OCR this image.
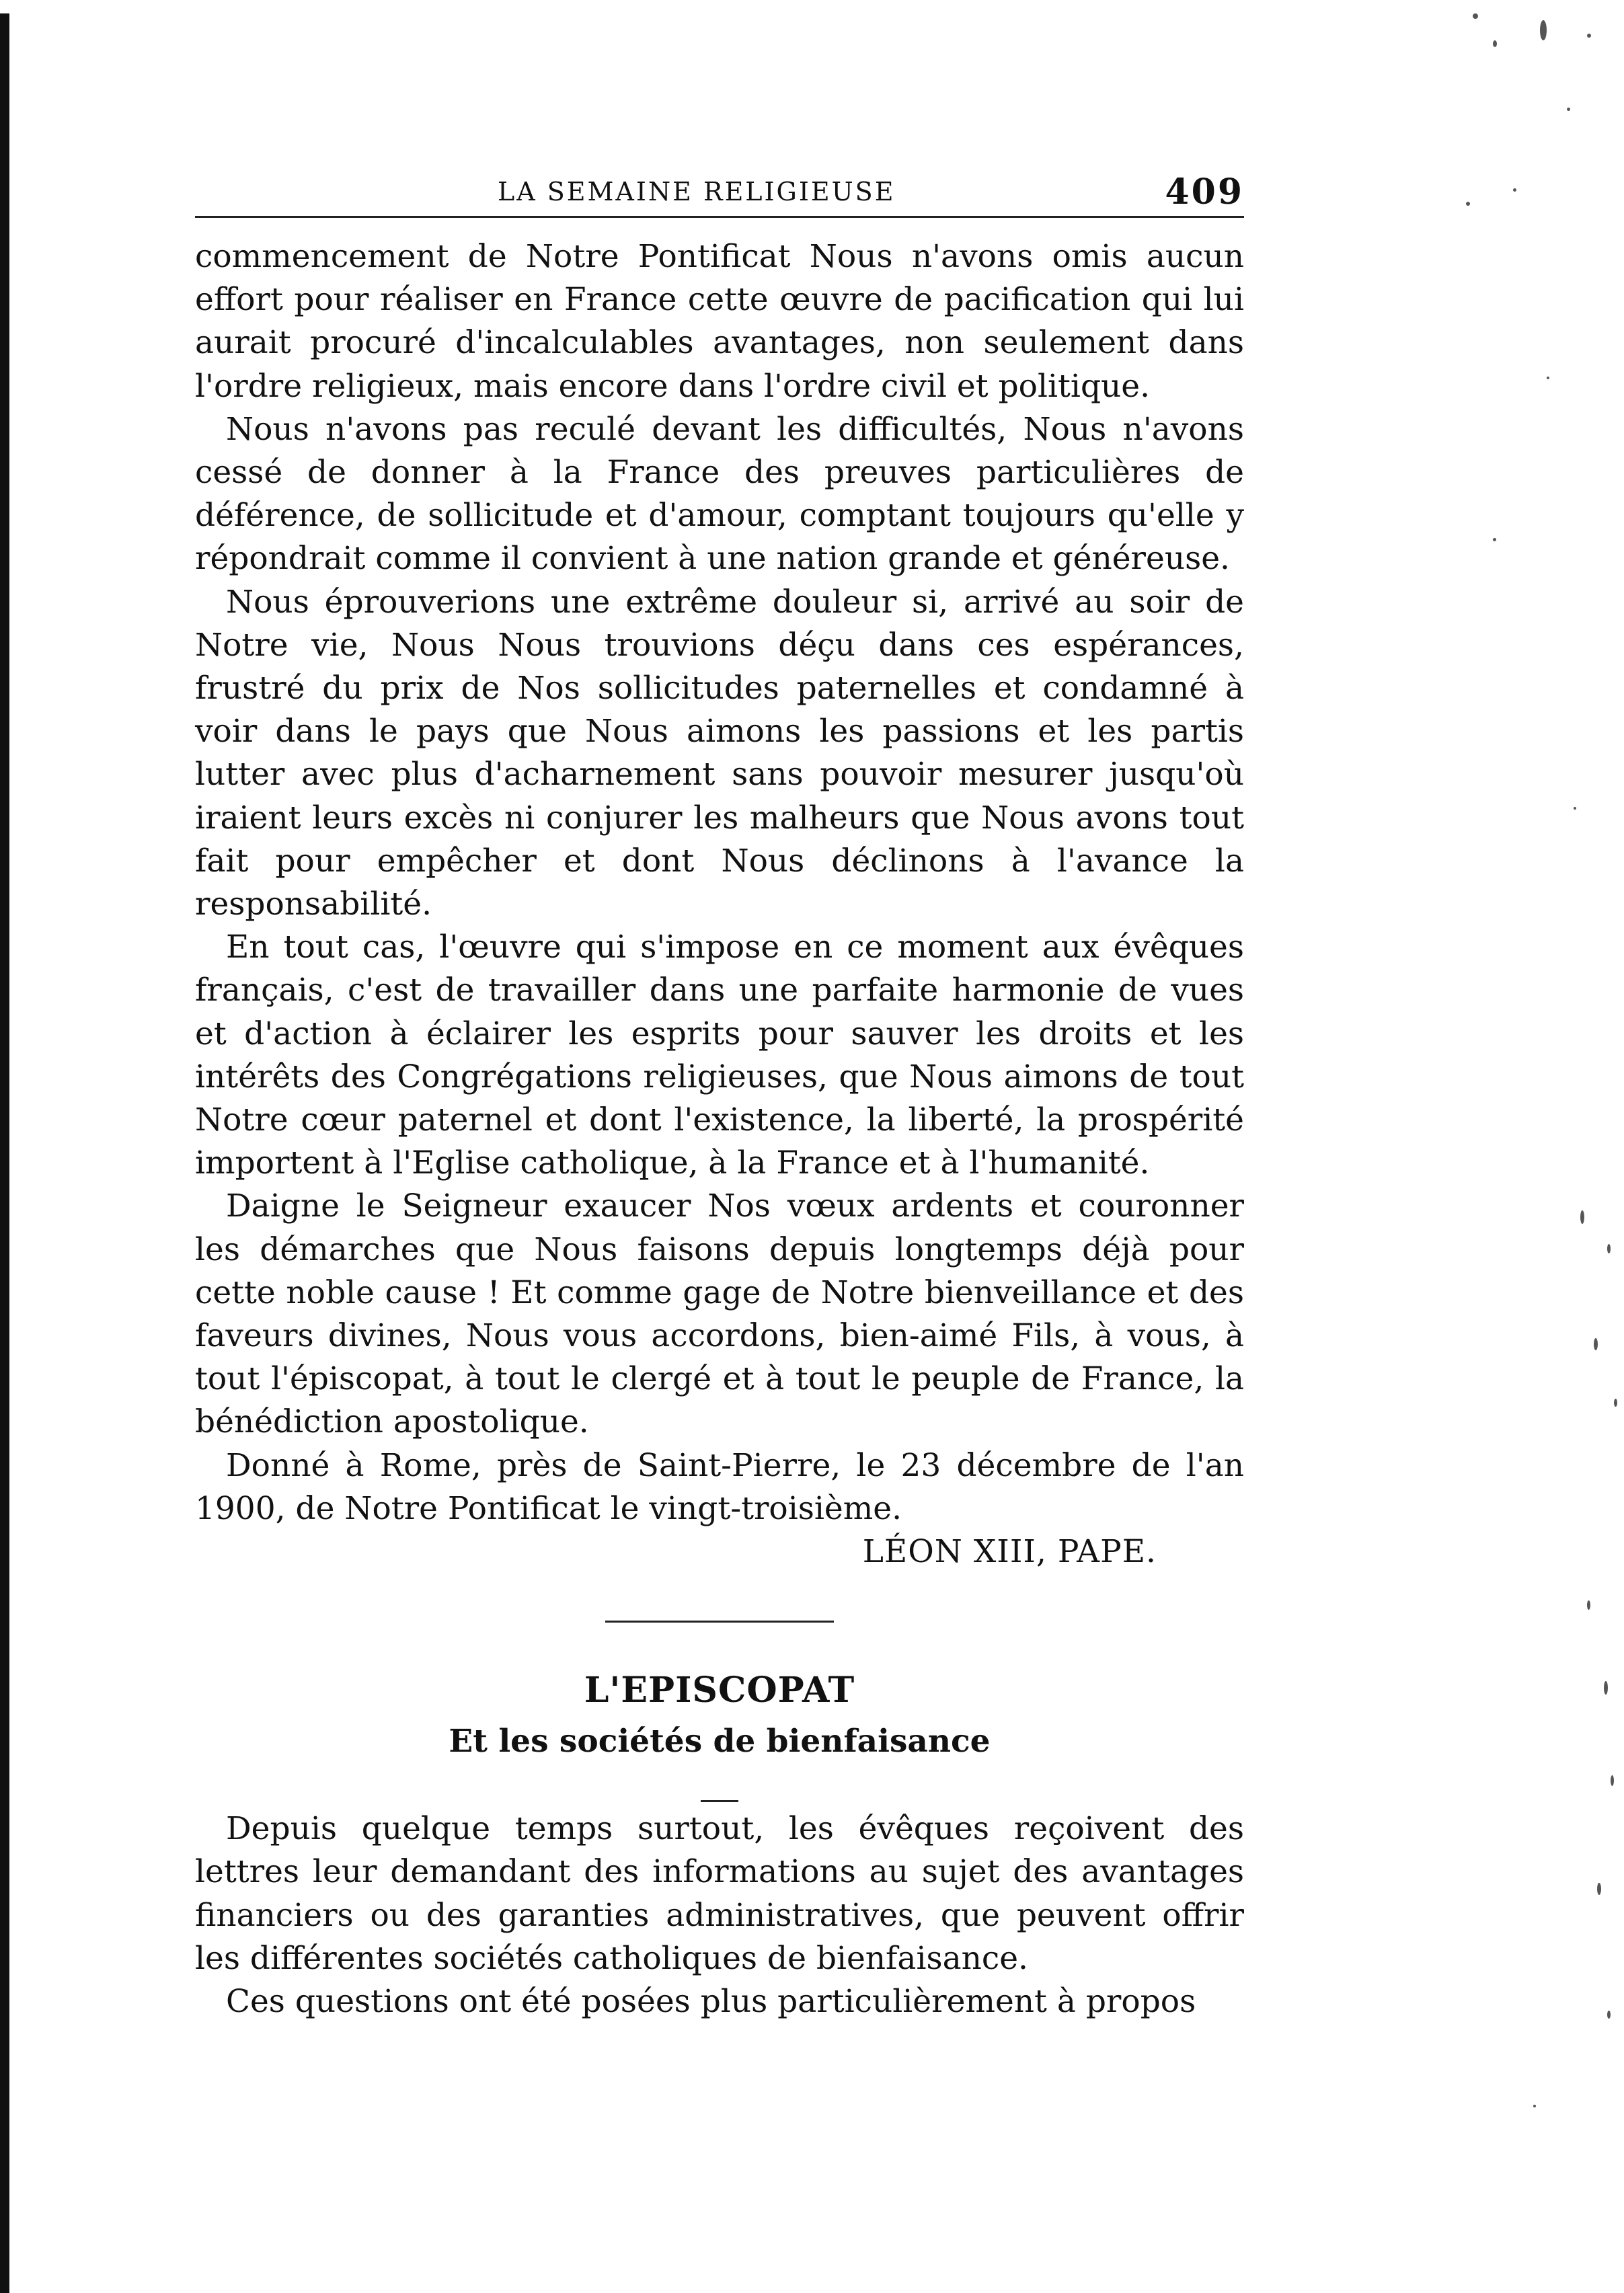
LA SEMAINE RELIGIEUSE	409

commencement de Notre Pontificat Nous n'avons omis aucun effort pour réaliser en France cette œuvre de pacification qui lui aurait procuré d'incalculables avantages, non seulement dans l'ordre religieux, mais encore dans l'ordre civil et politique.

Nous n'avons pas reculé devant les difficultés, Nous n'avons cessé de donner à la France des preuves particulières de déférence, de sollicitude et d'amour, comptant toujours qu'elle y répondrait comme il convient à une nation grande et généreuse.

Nous éprouverions une extrême douleur si, arrivé au soir de Notre vie, Nous Nous trouvions déçu dans ces espérances, frustré du prix de Nos sollicitudes paternelles et condamné à voir dans le pays que Nous aimons les passions et les partis lutter avec plus d'acharnement sans pouvoir mesurer jusqu'où iraient leurs excès ni conjurer les malheurs que Nous avons tout fait pour empêcher et dont Nous déclinons à l'avance la responsabilité.

En tout cas, l'œuvre qui s'impose en ce moment aux évêques français, c'est de travailler dans une parfaite harmonie de vues et d'action à éclairer les esprits pour sauver les droits et les intérêts des Congrégations religieuses, que Nous aimons de tout Notre cœur paternel et dont l'existence, la liberté, la prospérité importent à l'Eglise catholique, à la France et à l'humanité.

Daigne le Seigneur exaucer Nos vœux ardents et couronner les démarches que Nous faisons depuis longtemps déjà pour cette noble cause ! Et comme gage de Notre bienveillance et des faveurs divines, Nous vous accordons, bien-aimé Fils, à vous, à tout l'épiscopat, à tout le clergé et à tout le peuple de France, la bénédiction apostolique.

Donné à Rome, près de Saint-Pierre, le 23 décembre de l'an 1900, de Notre Pontificat le vingt-troisième.

LÉON XIII, PAPE.
L'EPISCOPAT
Et les sociétés de bienfaisance

Depuis quelque temps surtout, les évêques reçoivent des lettres leur demandant des informations au sujet des avantages financiers ou des garanties administratives, que peuvent offrir les différentes sociétés catholiques de bienfaisance.

Ces questions ont été posées plus particulièrement à propos
